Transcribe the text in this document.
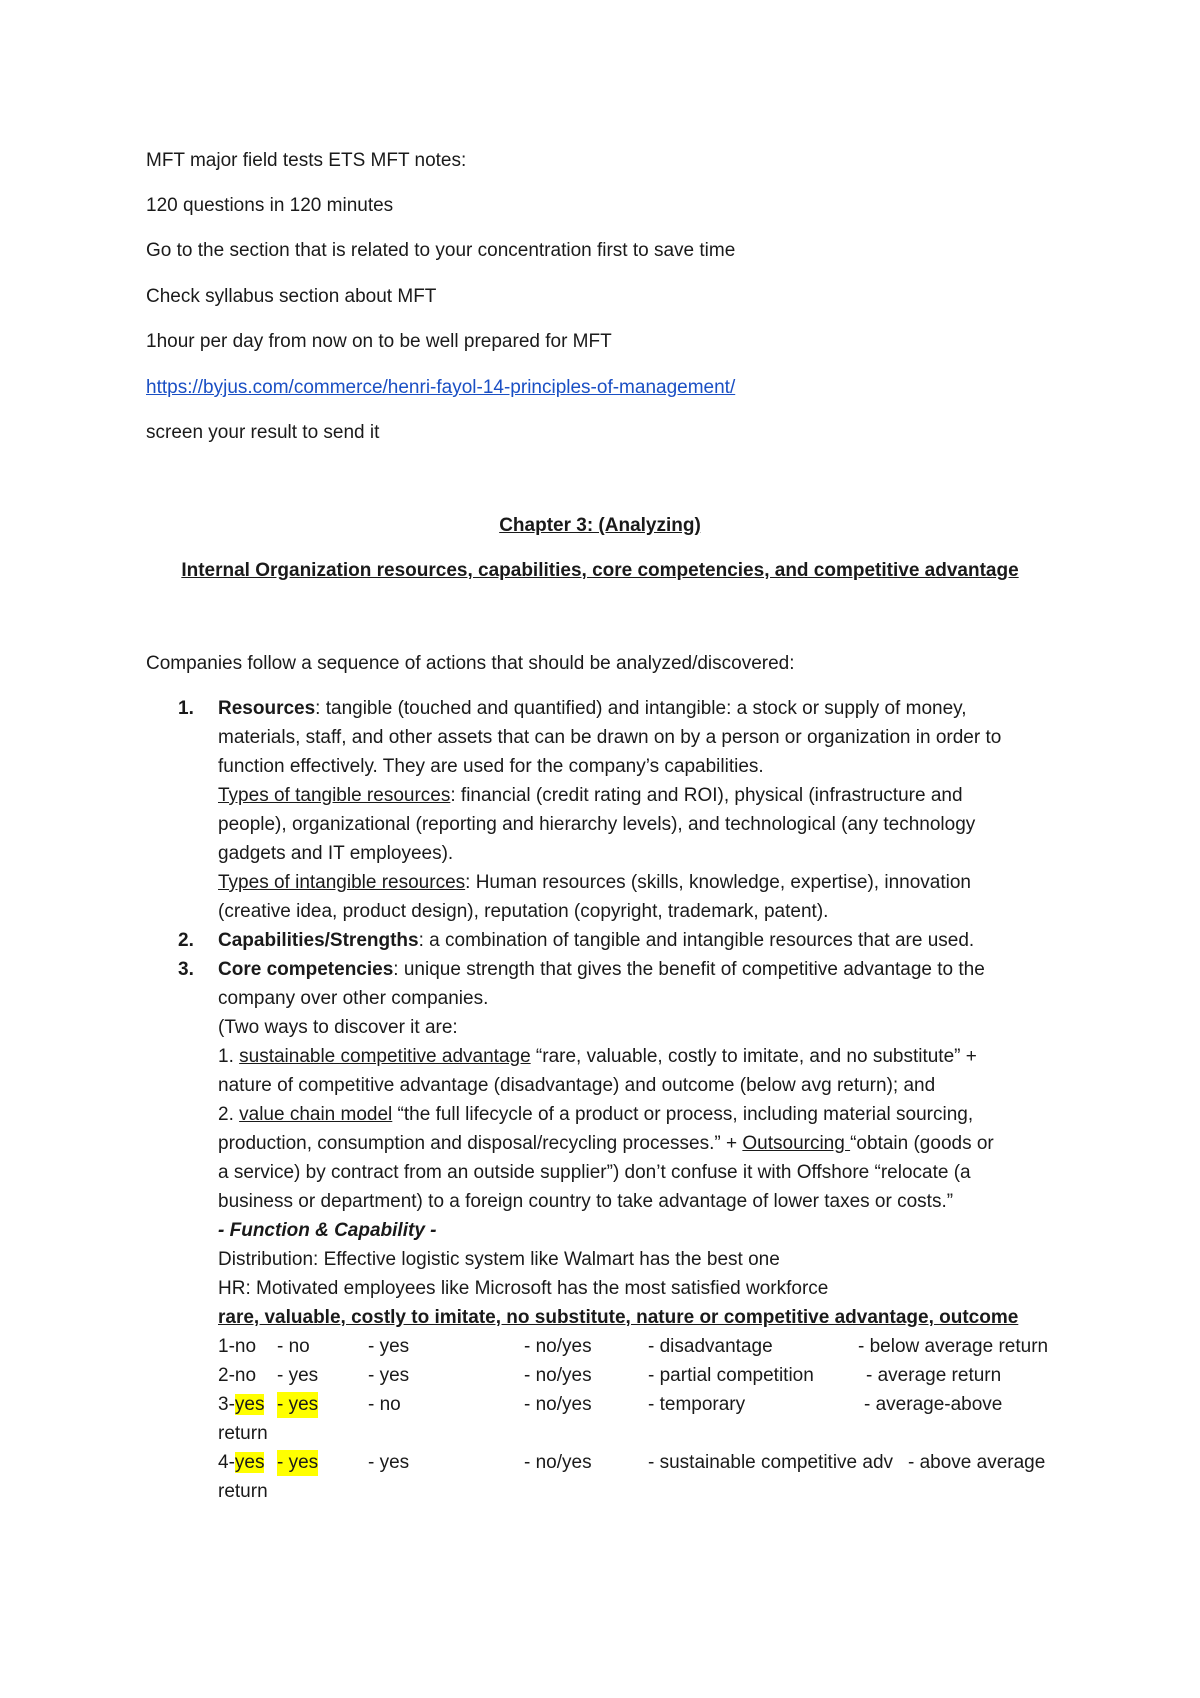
MFT major field tests ETS MFT notes:
120 questions in 120 minutes
Go to the section that is related to your concentration first to save time
Check syllabus section about MFT
1hour per day from now on to be well prepared for MFT
https://byjus.com/commerce/henri-fayol-14-principles-of-management/
screen your result to send it
Chapter 3: (Analyzing)
Internal Organization resources, capabilities, core competencies, and competitive advantage
Companies follow a sequence of actions that should be analyzed/discovered:
1. Resources: tangible (touched and quantified) and intangible: a stock or supply of money,
materials, staff, and other assets that can be drawn on by a person or organization in order to
function effectively. They are used for the company’s capabilities.
Types of tangible resources: financial (credit rating and ROI), physical (infrastructure and
people), organizational (reporting and hierarchy levels), and technological (any technology
gadgets and IT employees).
Types of intangible resources: Human resources (skills, knowledge, expertise), innovation
(creative idea, product design), reputation (copyright, trademark, patent).
2. Capabilities/Strengths: a combination of tangible and intangible resources that are used.
3. Core competencies: unique strength that gives the benefit of competitive advantage to the
company over other companies.
(Two ways to discover it are:
1. sustainable competitive advantage “rare, valuable, costly to imitate, and no substitute” +
nature of competitive advantage (disadvantage) and outcome (below avg return); and
2. value chain model “the full lifecycle of a product or process, including material sourcing,
production, consumption and disposal/recycling processes.” + Outsourcing “obtain (goods or
a service) by contract from an outside supplier”) don’t confuse it with Offshore “relocate (a
business or department) to a foreign country to take advantage of lower taxes or costs.”
- Function & Capability -
Distribution: Effective logistic system like Walmart has the best one
HR: Motivated employees like Microsoft has the most satisfied workforce
rare, valuable, costly to imitate, no substitute, nature or competitive advantage, outcome
1-no - no	- yes	- no/yes	- disadvantage	- below average return
2-no - yes	- yes	- no/yes	- partial competition	- average return
3-yes - yes	- no	- no/yes	- temporary	- average-above
return
4-yes - yes	- yes	- no/yes	- sustainable competitive adv - above average
return
